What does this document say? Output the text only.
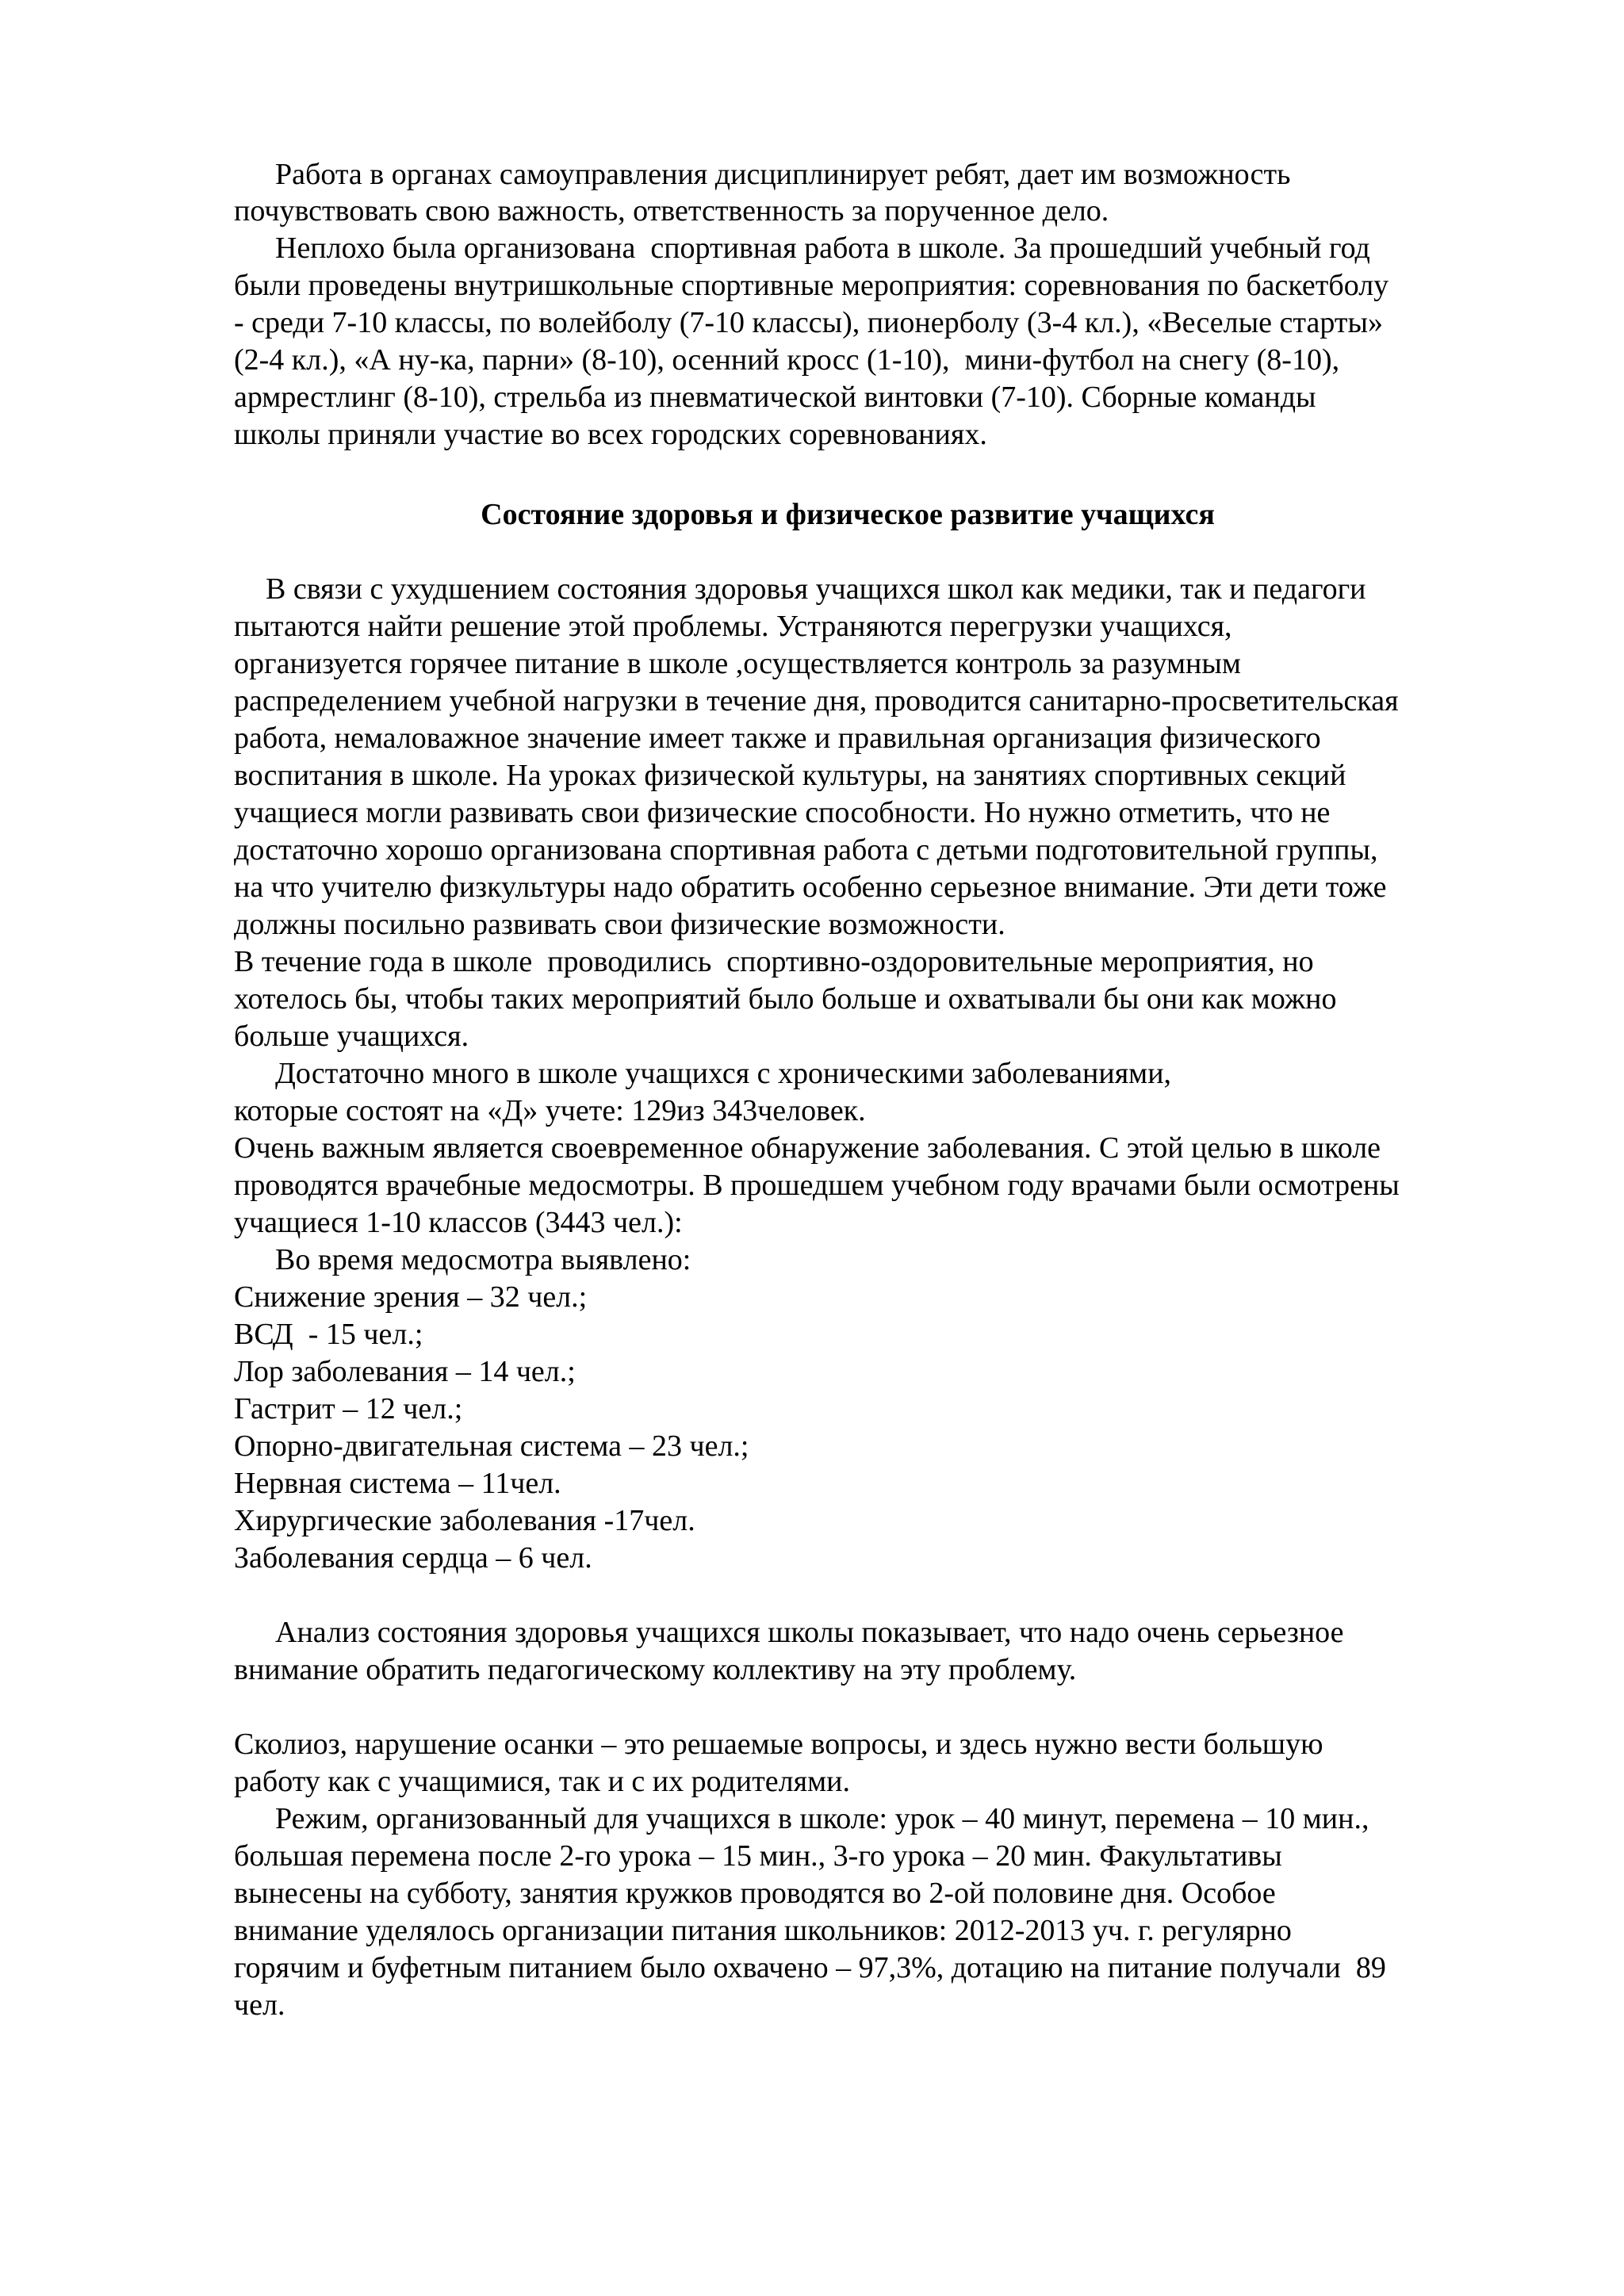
Работа в органах самоуправления дисциплинирует ребят, дает им возможность

почувствовать свою важность, ответственность за порученное дело.

Неплохо была организована  спортивная работа в школе. За прошедший учебный год

были проведены внутришкольные спортивные мероприятия: соревнования по баскетболу

- среди 7-10 классы, по волейболу (7-10 классы), пионерболу (3-4 кл.), «Веселые старты»

(2-4 кл.), «А ну-ка, парни» (8-10), осенний кросс (1-10),  мини-футбол на снегу (8-10),

армрестлинг (8-10), стрельба из пневматической винтовки (7-10). Сборные команды

школы приняли участие во всех городских соревнованиях.

Состояние здоровья и физическое развитие учащихся

В связи с ухудшением состояния здоровья учащихся школ как медики, так и педагоги

пытаются найти решение этой проблемы. Устраняются перегрузки учащихся,

организуется горячее питание в школе ,осуществляется контроль за разумным

распределением учебной нагрузки в течение дня, проводится санитарно-просветительская

работа, немаловажное значение имеет также и правильная организация физического

воспитания в школе. На уроках физической культуры, на занятиях спортивных секций

учащиеся могли развивать свои физические способности. Но нужно отметить, что не

достаточно хорошо организована спортивная работа с детьми подготовительной группы,

на что учителю физкультуры надо обратить особенно серьезное внимание. Эти дети тоже

должны посильно развивать свои физические возможности.

В течение года в школе  проводились  спортивно-оздоровительные мероприятия, но

хотелось бы, чтобы таких мероприятий было больше и охватывали бы они как можно

больше учащихся.

Достаточно много в школе учащихся с хроническими заболеваниями,

которые состоят на «Д» учете: 129из 343человек.

Очень важным является своевременное обнаружение заболевания. С этой целью в школе

проводятся врачебные медосмотры. В прошедшем учебном году врачами были осмотрены

учащиеся 1-10 классов (3443 чел.):

Во время медосмотра выявлено:

Снижение зрения – 32 чел.;

ВСД  - 15 чел.;

Лор заболевания – 14 чел.;

Гастрит – 12 чел.;

Опорно-двигательная система – 23 чел.;

Нервная система – 11чел.

Хирургические заболевания -17чел.

Заболевания сердца – 6 чел.

Анализ состояния здоровья учащихся школы показывает, что надо очень серьезное

внимание обратить педагогическому коллективу на эту проблему.

Сколиоз, нарушение осанки – это решаемые вопросы, и здесь нужно вести большую

работу как с учащимися, так и с их родителями.

Режим, организованный для учащихся в школе: урок – 40 минут, перемена – 10 мин.,

большая перемена после 2-го урока – 15 мин., 3-го урока – 20 мин. Факультативы

вынесены на субботу, занятия кружков проводятся во 2-ой половине дня. Особое

внимание уделялось организации питания школьников: 2012-2013 уч. г. регулярно

горячим и буфетным питанием было охвачено – 97,3%, дотацию на питание получали  89

чел.
